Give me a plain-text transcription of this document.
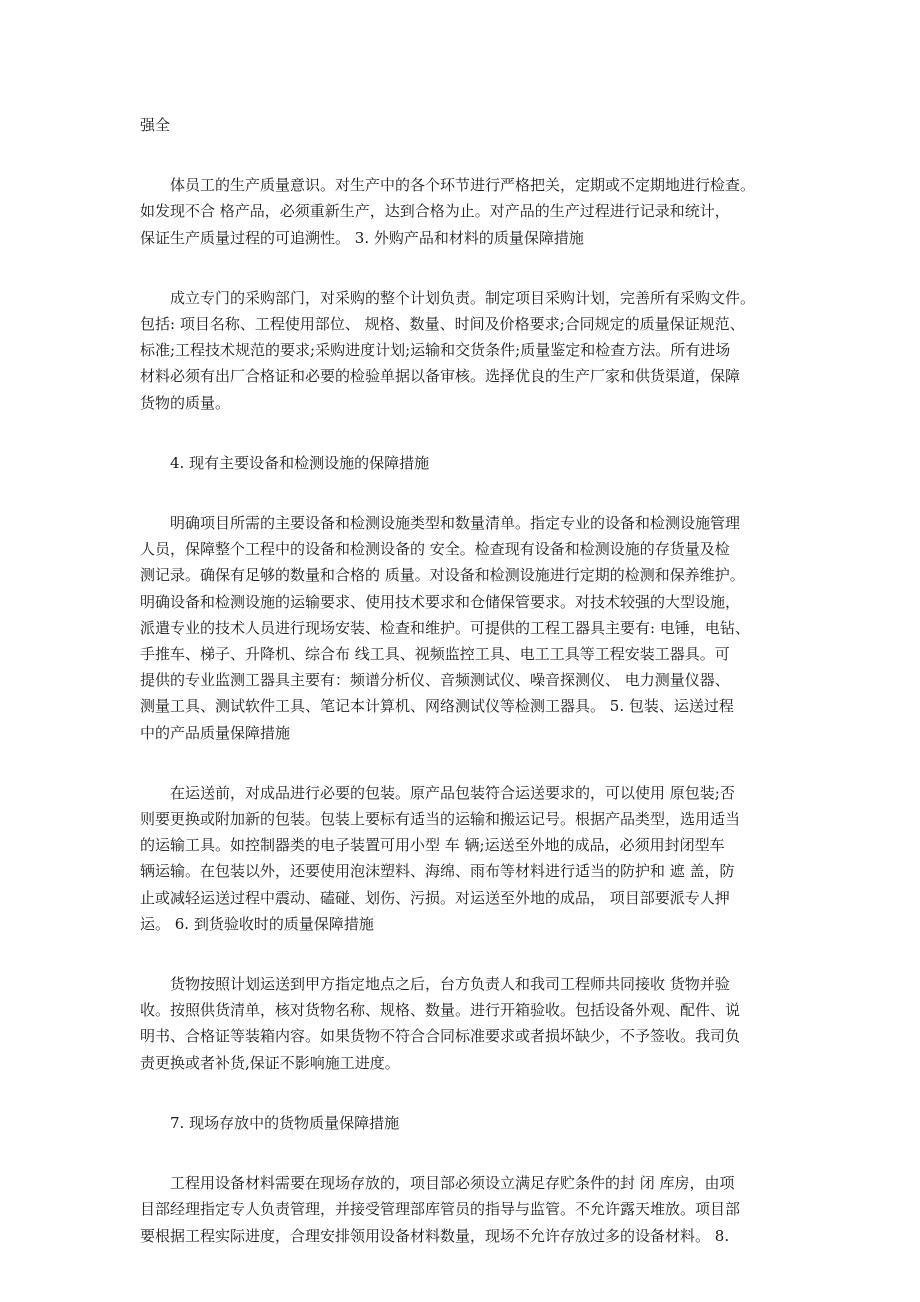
强全
体员工的生产质量意识。对生产中的各个环节进行严格把关，定期或不定期地进行检查。
如发现不合 格产品，必须重新生产，达到合格为止。对产品的生产过程进行记录和统计，
保证生产质量过程的可追溯性。 3. 外购产品和材料的质量保障措施
成立专门的采购部门，对采购的整个计划负责。制定项目采购计划，完善所有采购文件。
包括: 项目名称、工程使用部位、 规格、数量、时间及价格要求;合同规定的质量保证规范、
标准;工程技术规范的要求;采购进度计划;运输和交货条件;质量鉴定和检查方法。所有进场
材料必须有出厂合格证和必要的检验单据以备审核。选择优良的生产厂家和供货渠道，保障
货物的质量。
4. 现有主要设备和检测设施的保障措施
明确项目所需的主要设备和检测设施类型和数量清单。指定专业的设备和检测设施管理
人员，保障整个工程中的设备和检测设备的 安全。检查现有设备和检测设施的存货量及检
测记录。确保有足够的数量和合格的 质量。对设备和检测设施进行定期的检测和保养维护。
明确设备和检测设施的运输要求、使用技术要求和仓储保管要求。对技术较强的大型设施，
派遣专业的技术人员进行现场安装、检查和维护。可提供的工程工器具主要有: 电锤，电钻、
手推车、梯子、升降机、综合布 线工具、视频监控工具、电工工具等工程安装工器具。可
提供的专业监测工器具主要有：频谱分析仪、音频测试仪、噪音探测仪、 电力测量仪器、
测量工具、测试软件工具、笔记本计算机、网络测试仪等检测工器具。 5. 包装、运送过程
中的产品质量保障措施
在运送前，对成品进行必要的包装。原产品包装符合运送要求的，可以使用 原包装;否
则要更换或附加新的包装。包装上要标有适当的运输和搬运记号。根据产品类型，选用适当
的运输工具。如控制器类的电子装置可用小型 车 辆;运送至外地的成品，必须用封闭型车
辆运输。在包装以外，还要使用泡沫塑料、海绵、雨布等材料进行适当的防护和 遮 盖，防
止或减轻运送过程中震动、磕碰、划伤、污损。对运送至外地的成品， 项目部要派专人押
运。 6. 到货验收时的质量保障措施
货物按照计划运送到甲方指定地点之后，台方负责人和我司工程师共同接收 货物并验
收。按照供货清单，核对货物名称、规格、数量。进行开箱验收。包括设备外观、配件、说
明书、合格证等装箱内容。如果货物不符合合同标准要求或者损坏缺少，不予签收。我司负
责更换或者补货,保证不影响施工进度。
7. 现场存放中的货物质量保障措施
工程用设备材料需要在现场存放的，项目部必须设立满足存贮条件的封 闭 库房，由项
目部经理指定专人负责管理，并接受管理部库管员的指导与监管。不允许露天堆放。项目部
要根据工程实际进度，合理安排领用设备材料数量，现场不允许存放过多的设备材料。 8.
